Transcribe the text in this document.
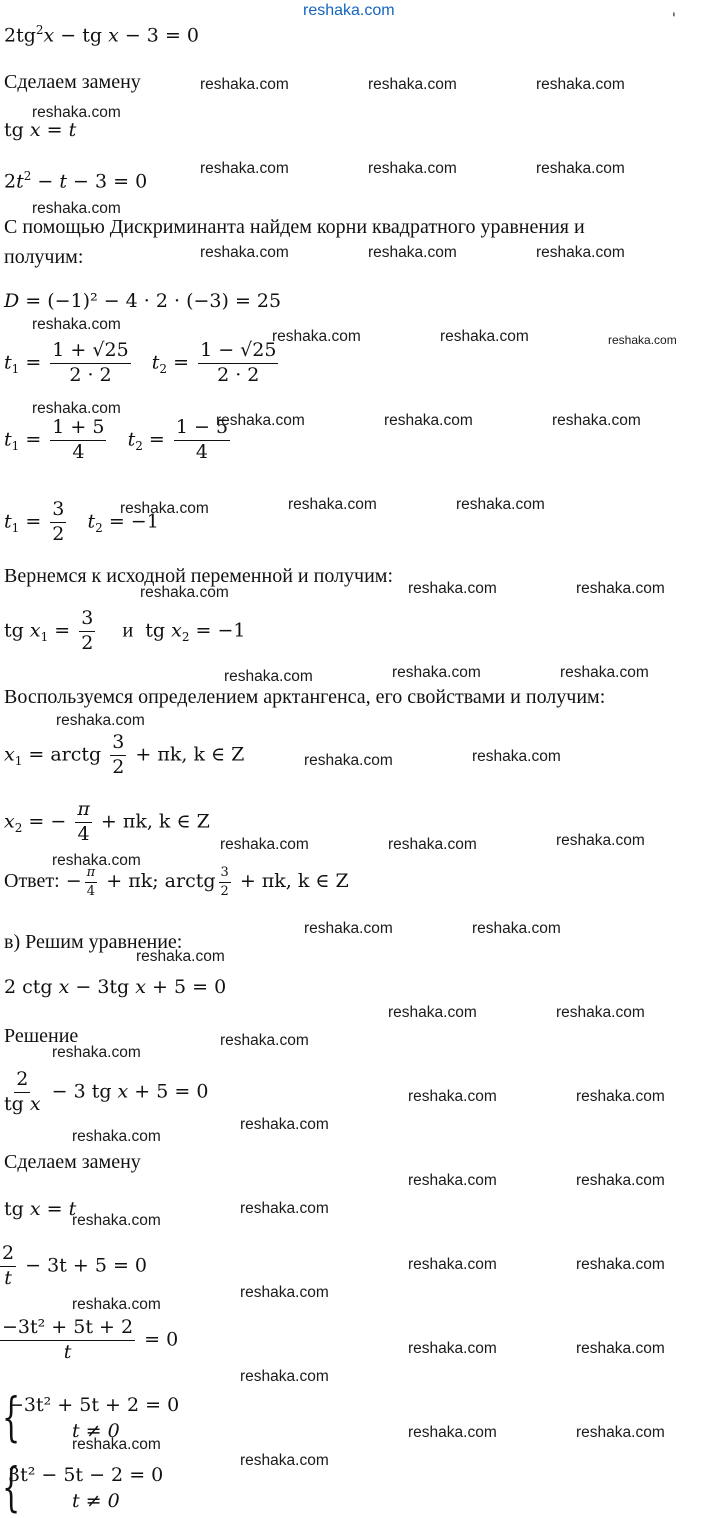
reshaka.com	'
$2tg^2x$ − tg x − 3 = 0
Сделаем замену
tg x = t
$2t^2 - t - 3 = 0$
С помощью Дискриминанта найдем корни квадратного уравнения и
получим:
D = (−1)² − 4 · 2 · (−3) = 25
$t_1 = \frac{1 + √25}{2 \cdot 2} t_2 = \frac{1 - √25}{2 \cdot 2}$
$t_1 = \frac{1 + 5}{4} t_2 = \frac{1 - 5}{4}$
$t_1 = \frac{3}{2} t_2 = -1$
Вернемся к исходной переменной и получим:
tg $x_1 = \frac{3}{2}$ и tg $x_2 = -1$
Воспользуемся определением арктангенса, его свойствами и получим:
$x_1$ = arctg $\frac{3}{2} + \pi k$, k ∈ Z
$x_2$ = − $\frac{\pi}{4} + \pi k$, k ∈ Z
Ответ: − $\frac{\pi}{4} + \pi k$; arctg $\frac{3}{2} + \pi k$, k ∈ Z
в) Решим уравнение:
2 ctg x − 3tg x + 5 = 0
Решение
$\frac{2}{\text{tg x}} - 3$ tg x + 5 = 0
Сделаем замену
tg x = t
$\frac{2}{t} - 3t + 5 = 0$
$\frac{\text{−3t² + 5t + 2}}{t} = 0$
{
−3t² + 5t + 2 = 0
t ≠ 0
{
3t² − 5t − 2 = 0
t ≠ 0
reshaka.com	reshaka.com	reshaka.com
reshaka.com
reshaka.com	reshaka.com	reshaka.com
reshaka.com
reshaka.com	reshaka.com	reshaka.com
reshaka.com
reshaka.com	reshaka.com	reshaka.com
reshaka.com
reshaka.com	reshaka.com	reshaka.com
reshaka.com	reshaka.com	reshaka.com
reshaka.com	reshaka.com	reshaka.com
reshaka.com	reshaka.com	reshaka.com
reshaka.com
reshaka.com	reshaka.com
reshaka.com	reshaka.com	reshaka.com
reshaka.com
reshaka.com	reshaka.com
reshaka.com
reshaka.com	reshaka.com
reshaka.com
reshaka.com
reshaka.com	reshaka.com
reshaka.com
reshaka.com
reshaka.com	reshaka.com
reshaka.com
reshaka.com
reshaka.com	reshaka.com
reshaka.com
reshaka.com
reshaka.com	reshaka.com
reshaka.com
reshaka.com	reshaka.com
reshaka.com
reshaka.com
